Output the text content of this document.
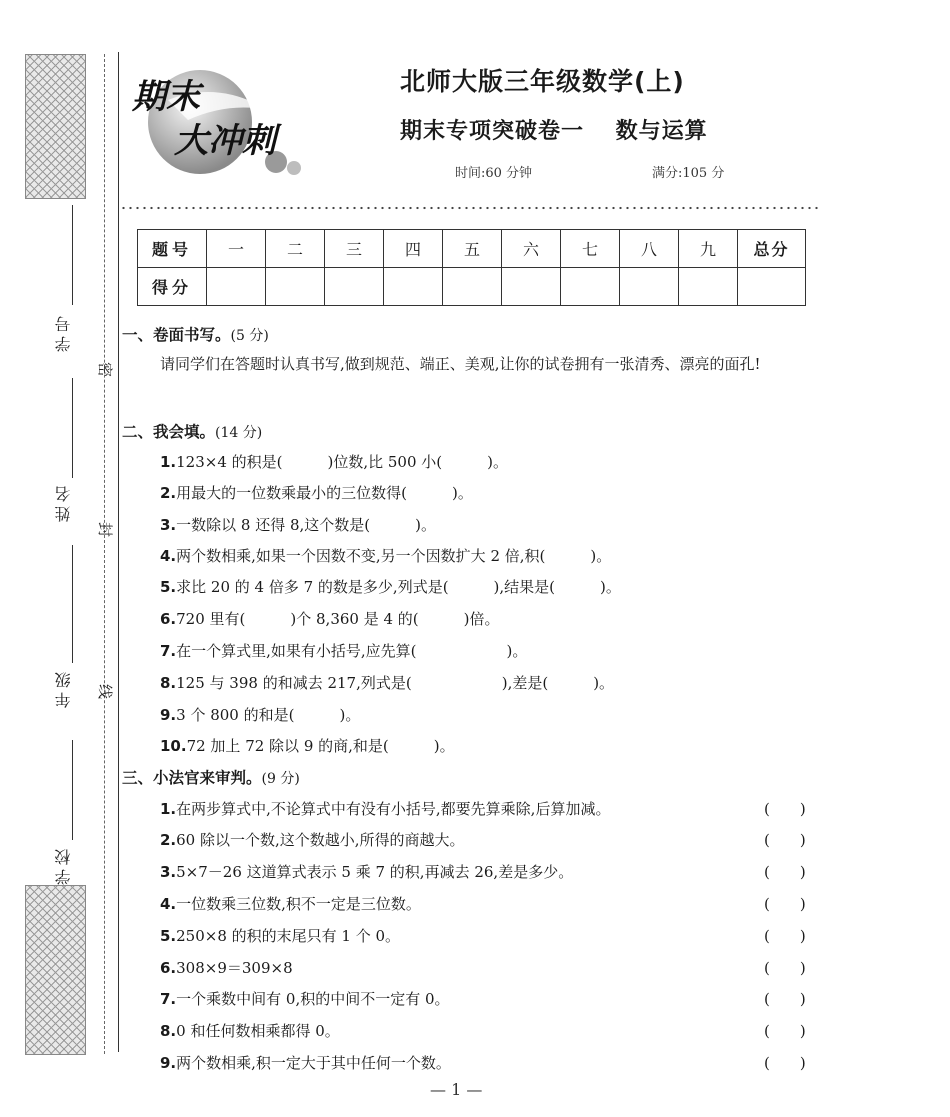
学号
姓名
年级
学校
密
封
线
期末
大冲刺
北师大版三年级数学(上)
期末专项突破卷一　 数与运算
时间:60 分钟	满分:105 分
题号	一	二	三	四	五	六	七	八	九	总分
得分										
一、卷面书写。(5 分)
请同学们在答题时认真书写,做到规范、端正、美观,让你的试卷拥有一张清秀、漂亮的面孔!
二、我会填。(14 分)
1.123×4 的积是(　　　)位数,比 500 小(　　　)。
2.用最大的一位数乘最小的三位数得(　　　)。
3.一数除以 8 还得 8,这个数是(　　　)。
4.两个数相乘,如果一个因数不变,另一个因数扩大 2 倍,积(　　　)。
5.求比 20 的 4 倍多 7 的数是多少,列式是(　　　),结果是(　　　)。
6.720 里有(　　　)个 8,360 是 4 的(　　　)倍。
7.在一个算式里,如果有小括号,应先算(　　　　　　)。
8.125 与 398 的和减去 217,列式是(　　　　　　),差是(　　　)。
9.3 个 800 的和是(　　　)。
10.72 加上 72 除以 9 的商,和是(　　　)。
三、小法官来审判。(9 分)
1.在两步算式中,不论算式中有没有小括号,都要先算乘除,后算加减。	(　　)
2.60 除以一个数,这个数越小,所得的商越大。	(　　)
3.5×7－26 这道算式表示 5 乘 7 的积,再减去 26,差是多少。	(　　)
4.一位数乘三位数,积不一定是三位数。	(　　)
5.250×8 的积的末尾只有 1 个 0。	(　　)
6.308×9＝309×8	(　　)
7.一个乘数中间有 0,积的中间不一定有 0。	(　　)
8.0 和任何数相乘都得 0。	(　　)
9.两个数相乘,积一定大于其中任何一个数。	(　　)
— 1 —
